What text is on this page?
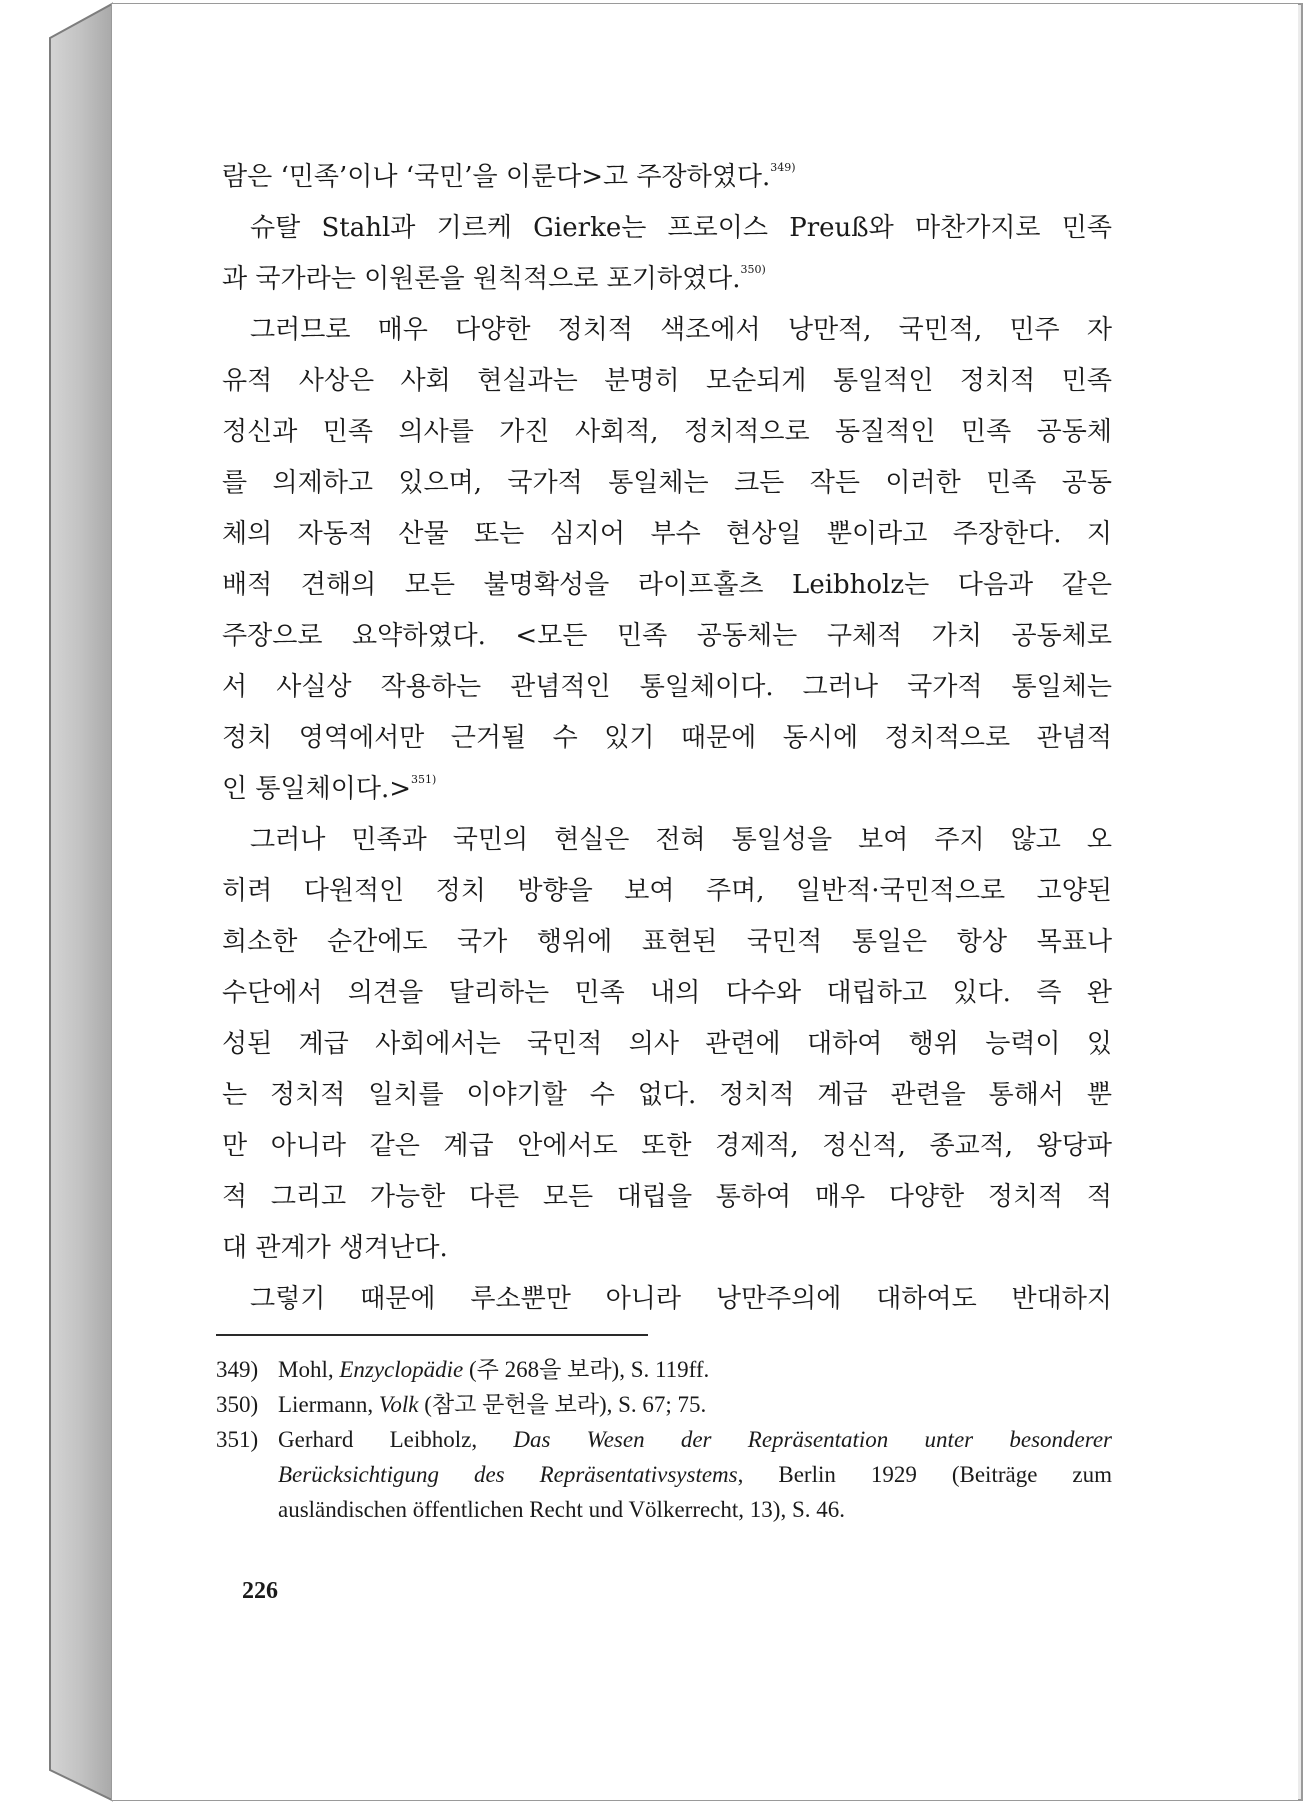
람은 ‘민족’이나 ‘국민’을 이룬다>고 주장하였다.$^{349)}$
슈탈 Stahl과 기르케 Gierke는 프로이스 Preuß와 마찬가지로 민족
과 국가라는 이원론을 원칙적으로 포기하였다.$^{350)}$
그러므로 매우 다양한 정치적 색조에서 낭만적, 국민적, 민주 자
유적 사상은 사회 현실과는 분명히 모순되게 통일적인 정치적 민족
정신과 민족 의사를 가진 사회적, 정치적으로 동질적인 민족 공동체
를 의제하고 있으며, 국가적 통일체는 크든 작든 이러한 민족 공동
체의 자동적 산물 또는 심지어 부수 현상일 뿐이라고 주장한다. 지
배적 견해의 모든 불명확성을 라이프홀츠 Leibholz는 다음과 같은
주장으로 요약하였다. <모든 민족 공동체는 구체적 가치 공동체로
서 사실상 작용하는 관념적인 통일체이다. 그러나 국가적 통일체는
정치 영역에서만 근거될 수 있기 때문에 동시에 정치적으로 관념적
인 통일체이다.>$^{351)}$
그러나 민족과 국민의 현실은 전혀 통일성을 보여 주지 않고 오
히려 다원적인 정치 방향을 보여 주며, 일반적·국민적으로 고양된
희소한 순간에도 국가 행위에 표현된 국민적 통일은 항상 목표나
수단에서 의견을 달리하는 민족 내의 다수와 대립하고 있다. 즉 완
성된 계급 사회에서는 국민적 의사 관련에 대하여 행위 능력이 있
는 정치적 일치를 이야기할 수 없다. 정치적 계급 관련을 통해서 뿐
만 아니라 같은 계급 안에서도 또한 경제적, 정신적, 종교적, 왕당파
적 그리고 가능한 다른 모든 대립을 통하여 매우 다양한 정치적 적
대 관계가 생겨난다.
그렇기 때문에 루소뿐만 아니라 낭만주의에 대하여도 반대하지
349) Mohl, Enzyclopädie (주 268을 보라), S. 119ff.
350) Liermann, Volk (참고 문헌을 보라), S. 67; 75.
351) Gerhard Leibholz, Das Wesen der Repräsentation unter besonderer
Berücksichtigung des Repräsentativsystems, Berlin 1929 (Beiträge zum
ausländischen öffentlichen Recht und Völkerrecht, 13), S. 46.
226
